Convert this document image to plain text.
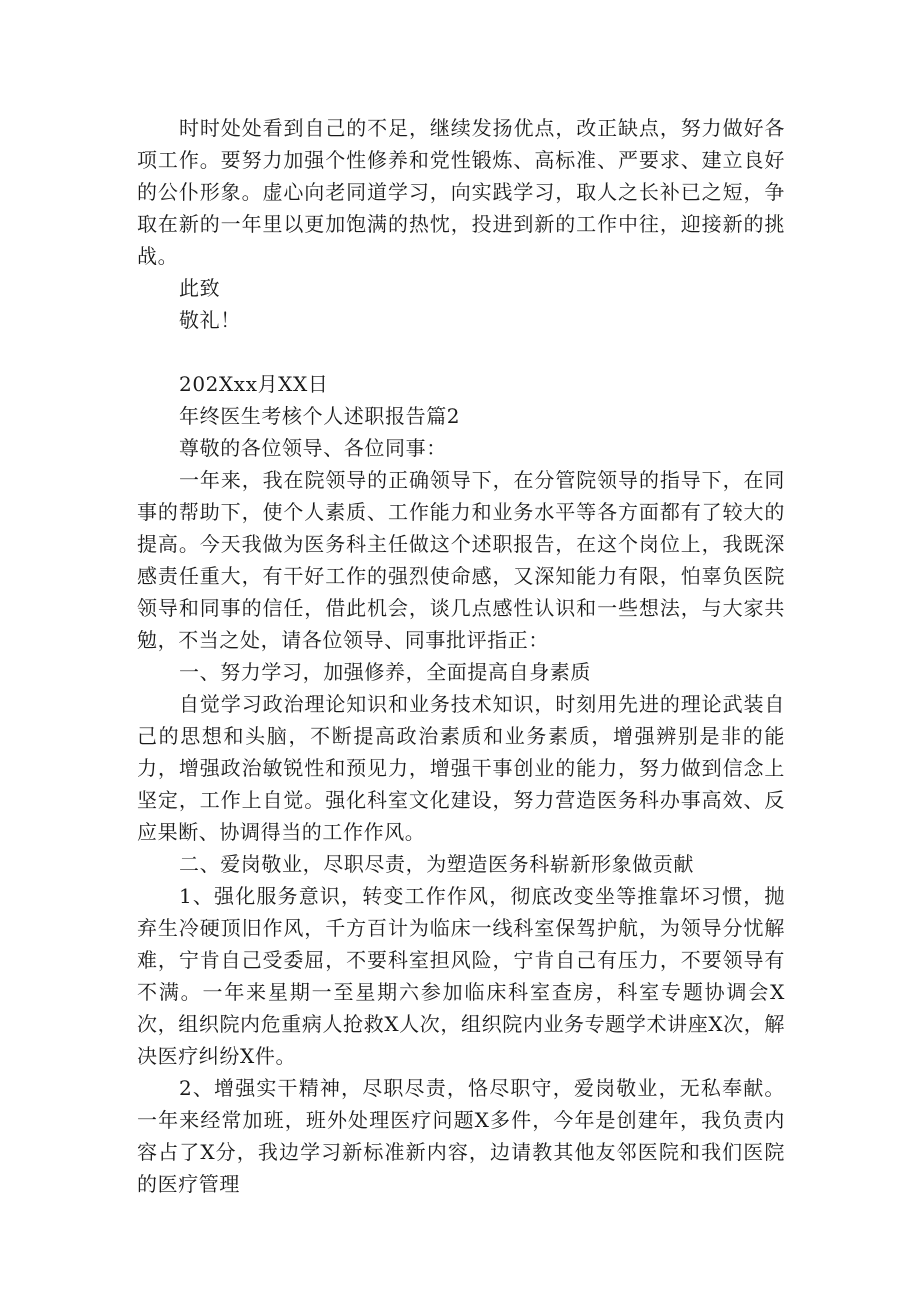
时时处处看到自己的不足，继续发扬优点，改正缺点，努力做好各项工作。要努力加强个性修养和党性锻炼、高标准、严要求、建立良好的公仆形象。虚心向老同道学习，向实践学习，取人之长补已之短，争取在新的一年里以更加饱满的热忱，投进到新的工作中往，迎接新的挑战。

此致

敬礼！

202Xxx月XX日

年终医生考核个人述职报告篇2

尊敬的各位领导、各位同事：

一年来，我在院领导的正确领导下，在分管院领导的指导下，在同事的帮助下，使个人素质、工作能力和业务水平等各方面都有了较大的提高。今天我做为医务科主任做这个述职报告，在这个岗位上，我既深感责任重大，有干好工作的强烈使命感，又深知能力有限，怕辜负医院领导和同事的信任，借此机会，谈几点感性认识和一些想法，与大家共勉，不当之处，请各位领导、同事批评指正：

一、努力学习，加强修养，全面提高自身素质

自觉学习政治理论知识和业务技术知识，时刻用先进的理论武装自己的思想和头脑，不断提高政治素质和业务素质，增强辨别是非的能力，增强政治敏锐性和预见力，增强干事创业的能力，努力做到信念上坚定，工作上自觉。强化科室文化建设，努力营造医务科办事高效、反应果断、协调得当的工作作风。

二、爱岗敬业，尽职尽责，为塑造医务科崭新形象做贡献

1、强化服务意识，转变工作作风，彻底改变坐等推靠坏习惯，抛弃生冷硬顶旧作风，千方百计为临床一线科室保驾护航，为领导分忧解难，宁肯自己受委屈，不要科室担风险，宁肯自己有压力，不要领导有不满。一年来星期一至星期六参加临床科室查房，科室专题协调会X次，组织院内危重病人抢救X人次，组织院内业务专题学术讲座X次，解决医疗纠纷X件。

2、增强实干精神，尽职尽责，恪尽职守，爱岗敬业，无私奉献。一年来经常加班，班外处理医疗问题X多件，今年是创建年，我负责内容占了X分，我边学习新标准新内容，边请教其他友邻医院和我们医院的医疗管理
